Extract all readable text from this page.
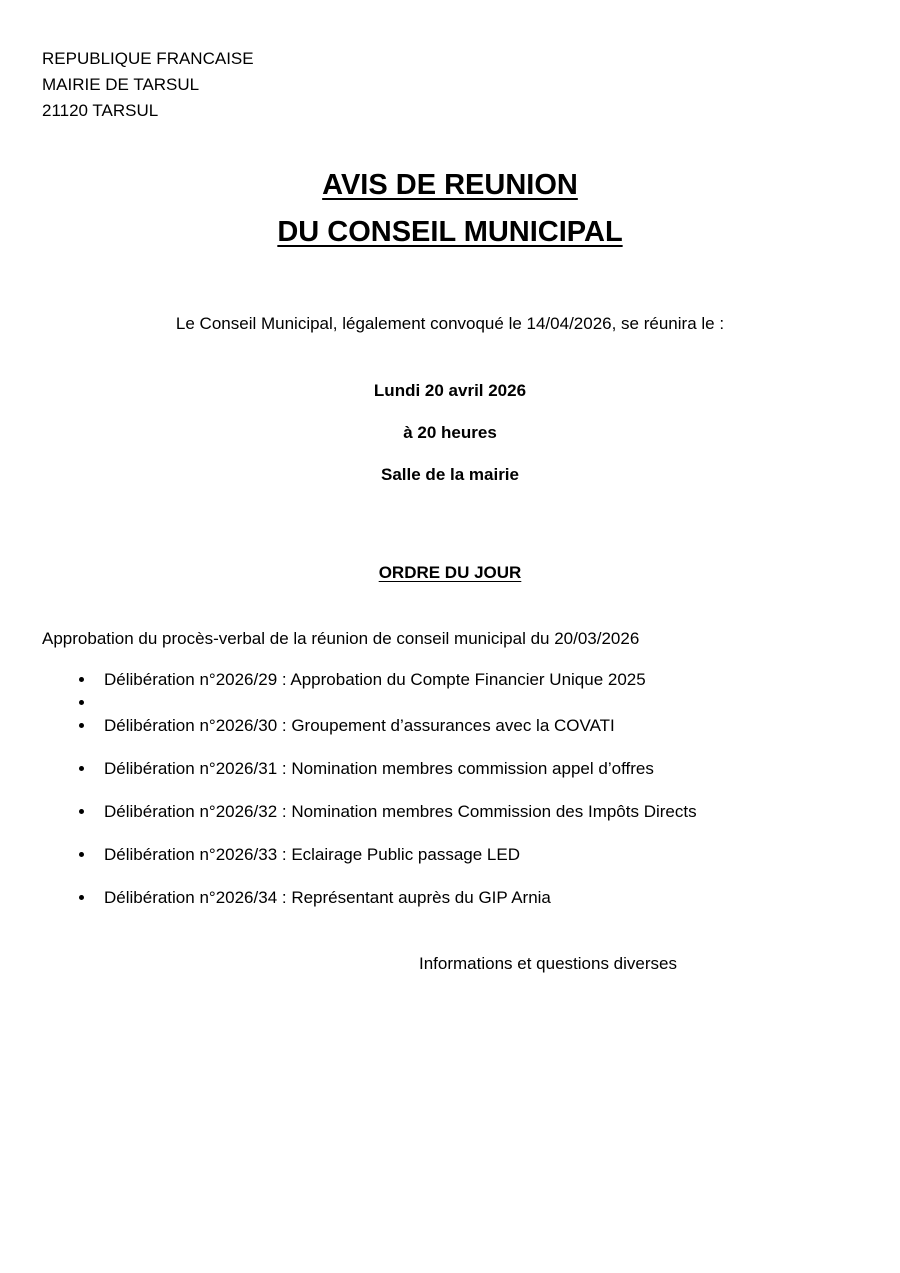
REPUBLIQUE FRANCAISE
MAIRIE DE TARSUL
21120 TARSUL
AVIS DE REUNION
DU CONSEIL MUNICIPAL
Le Conseil Municipal, légalement convoqué le 14/04/2026, se réunira le :

Lundi 20 avril 2026

à 20 heures

Salle de la mairie

ORDRE DU JOUR
Approbation du procès-verbal de la réunion de conseil municipal du 20/03/2026
• Délibération n°2026/29 : Approbation du Compte Financier Unique 2025
•
• Délibération n°2026/30 : Groupement d’assurances avec la COVATI
• Délibération n°2026/31 : Nomination membres commission appel d’offres
• Délibération n°2026/32 : Nomination membres Commission des Impôts Directs
• Délibération n°2026/33 : Eclairage Public passage LED
• Délibération n°2026/34 : Représentant auprès du GIP Arnia
Informations et questions diverses
